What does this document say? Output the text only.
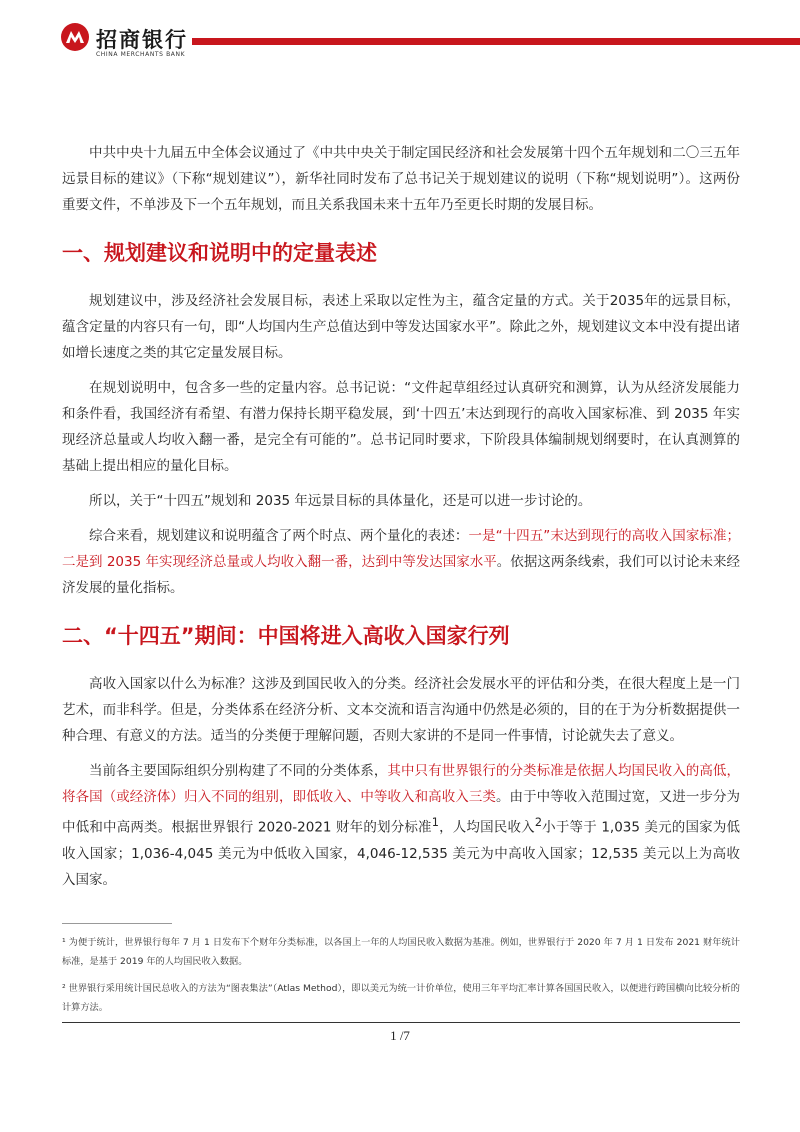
招商银行
CHINA MERCHANTS BANK

中共中央十九届五中全体会议通过了《中共中央关于制定国民经济和社会发展第十四个五年规划和二〇三五年远景目标的建议》（下称“规划建议”），新华社同时发布了总书记关于规划建议的说明（下称“规划说明”）。这两份重要文件，不单涉及下一个五年规划，而且关系我国未来十五年乃至更长时期的发展目标。

一、规划建议和说明中的定量表述

规划建议中，涉及经济社会发展目标，表述上采取以定性为主，蕴含定量的方式。关于2035年的远景目标，蕴含定量的内容只有一句，即“人均国内生产总值达到中等发达国家水平”。除此之外，规划建议文本中没有提出诸如增长速度之类的其它定量发展目标。

在规划说明中，包含多一些的定量内容。总书记说：“文件起草组经过认真研究和测算，认为从经济发展能力和条件看，我国经济有希望、有潜力保持长期平稳发展，到‘十四五’末达到现行的高收入国家标准、到 2035 年实现经济总量或人均收入翻一番，是完全有可能的”。总书记同时要求，下阶段具体编制规划纲要时，在认真测算的基础上提出相应的量化目标。

所以，关于“十四五”规划和 2035 年远景目标的具体量化，还是可以进一步讨论的。

综合来看，规划建议和说明蕴含了两个时点、两个量化的表述：一是“十四五”末达到现行的高收入国家标准；二是到 2035 年实现经济总量或人均收入翻一番，达到中等发达国家水平。依据这两条线索，我们可以讨论未来经济发展的量化指标。

二、“十四五”期间：中国将进入高收入国家行列

高收入国家以什么为标准？这涉及到国民收入的分类。经济社会发展水平的评估和分类，在很大程度上是一门艺术，而非科学。但是，分类体系在经济分析、文本交流和语言沟通中仍然是必须的，目的在于为分析数据提供一种合理、有意义的方法。适当的分类便于理解问题，否则大家讲的不是同一件事情，讨论就失去了意义。

当前各主要国际组织分别构建了不同的分类体系，其中只有世界银行的分类标准是依据人均国民收入的高低，将各国（或经济体）归入不同的组别，即低收入、中等收入和高收入三类。由于中等收入范围过宽，又进一步分为中低和中高两类。根据世界银行 2020-2021 财年的划分标准$^1$，人均国民收入$^2$小于等于 1,035 美元的国家为低收入国家；1,036-4,045 美元为中低收入国家，4,046-12,535 美元为中高收入国家；12,535 美元以上为高收入国家。

¹ 为便于统计，世界银行每年 7 月 1 日发布下个财年分类标准，以各国上一年的人均国民收入数据为基准。例如，世界银行于 2020 年 7 月 1 日发布 2021 财年统计标准，是基于 2019 年的人均国民收入数据。

² 世界银行采用统计国民总收入的方法为“图表集法”（Atlas Method），即以美元为统一计价单位，使用三年平均汇率计算各国国民收入，以便进行跨国横向比较分析的计算方法。

1 /7
